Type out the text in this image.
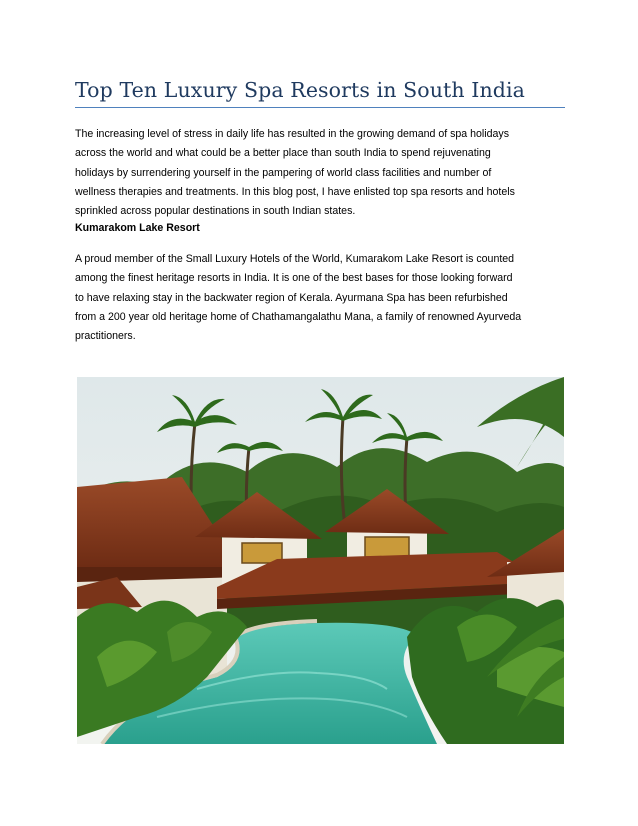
Top Ten Luxury Spa Resorts in South India

The increasing level of stress in daily life has resulted in the growing demand of spa holidays
across the world and what could be a better place than south India to spend rejuvenating
holidays by surrendering yourself in the pampering of world class facilities and number of
wellness therapies and treatments. In this blog post, I have enlisted top spa resorts and hotels
sprinkled across popular destinations in south Indian states.

Kumarakom Lake Resort

A proud member of the Small Luxury Hotels of the World, Kumarakom Lake Resort is counted
among the finest heritage resorts in India. It is one of the best bases for those looking forward
to have relaxing stay in the backwater region of Kerala. Ayurmana Spa has been refurbished
from a 200 year old heritage home of Chathamangalathu Mana, a family of renowned Ayurveda
practitioners.
